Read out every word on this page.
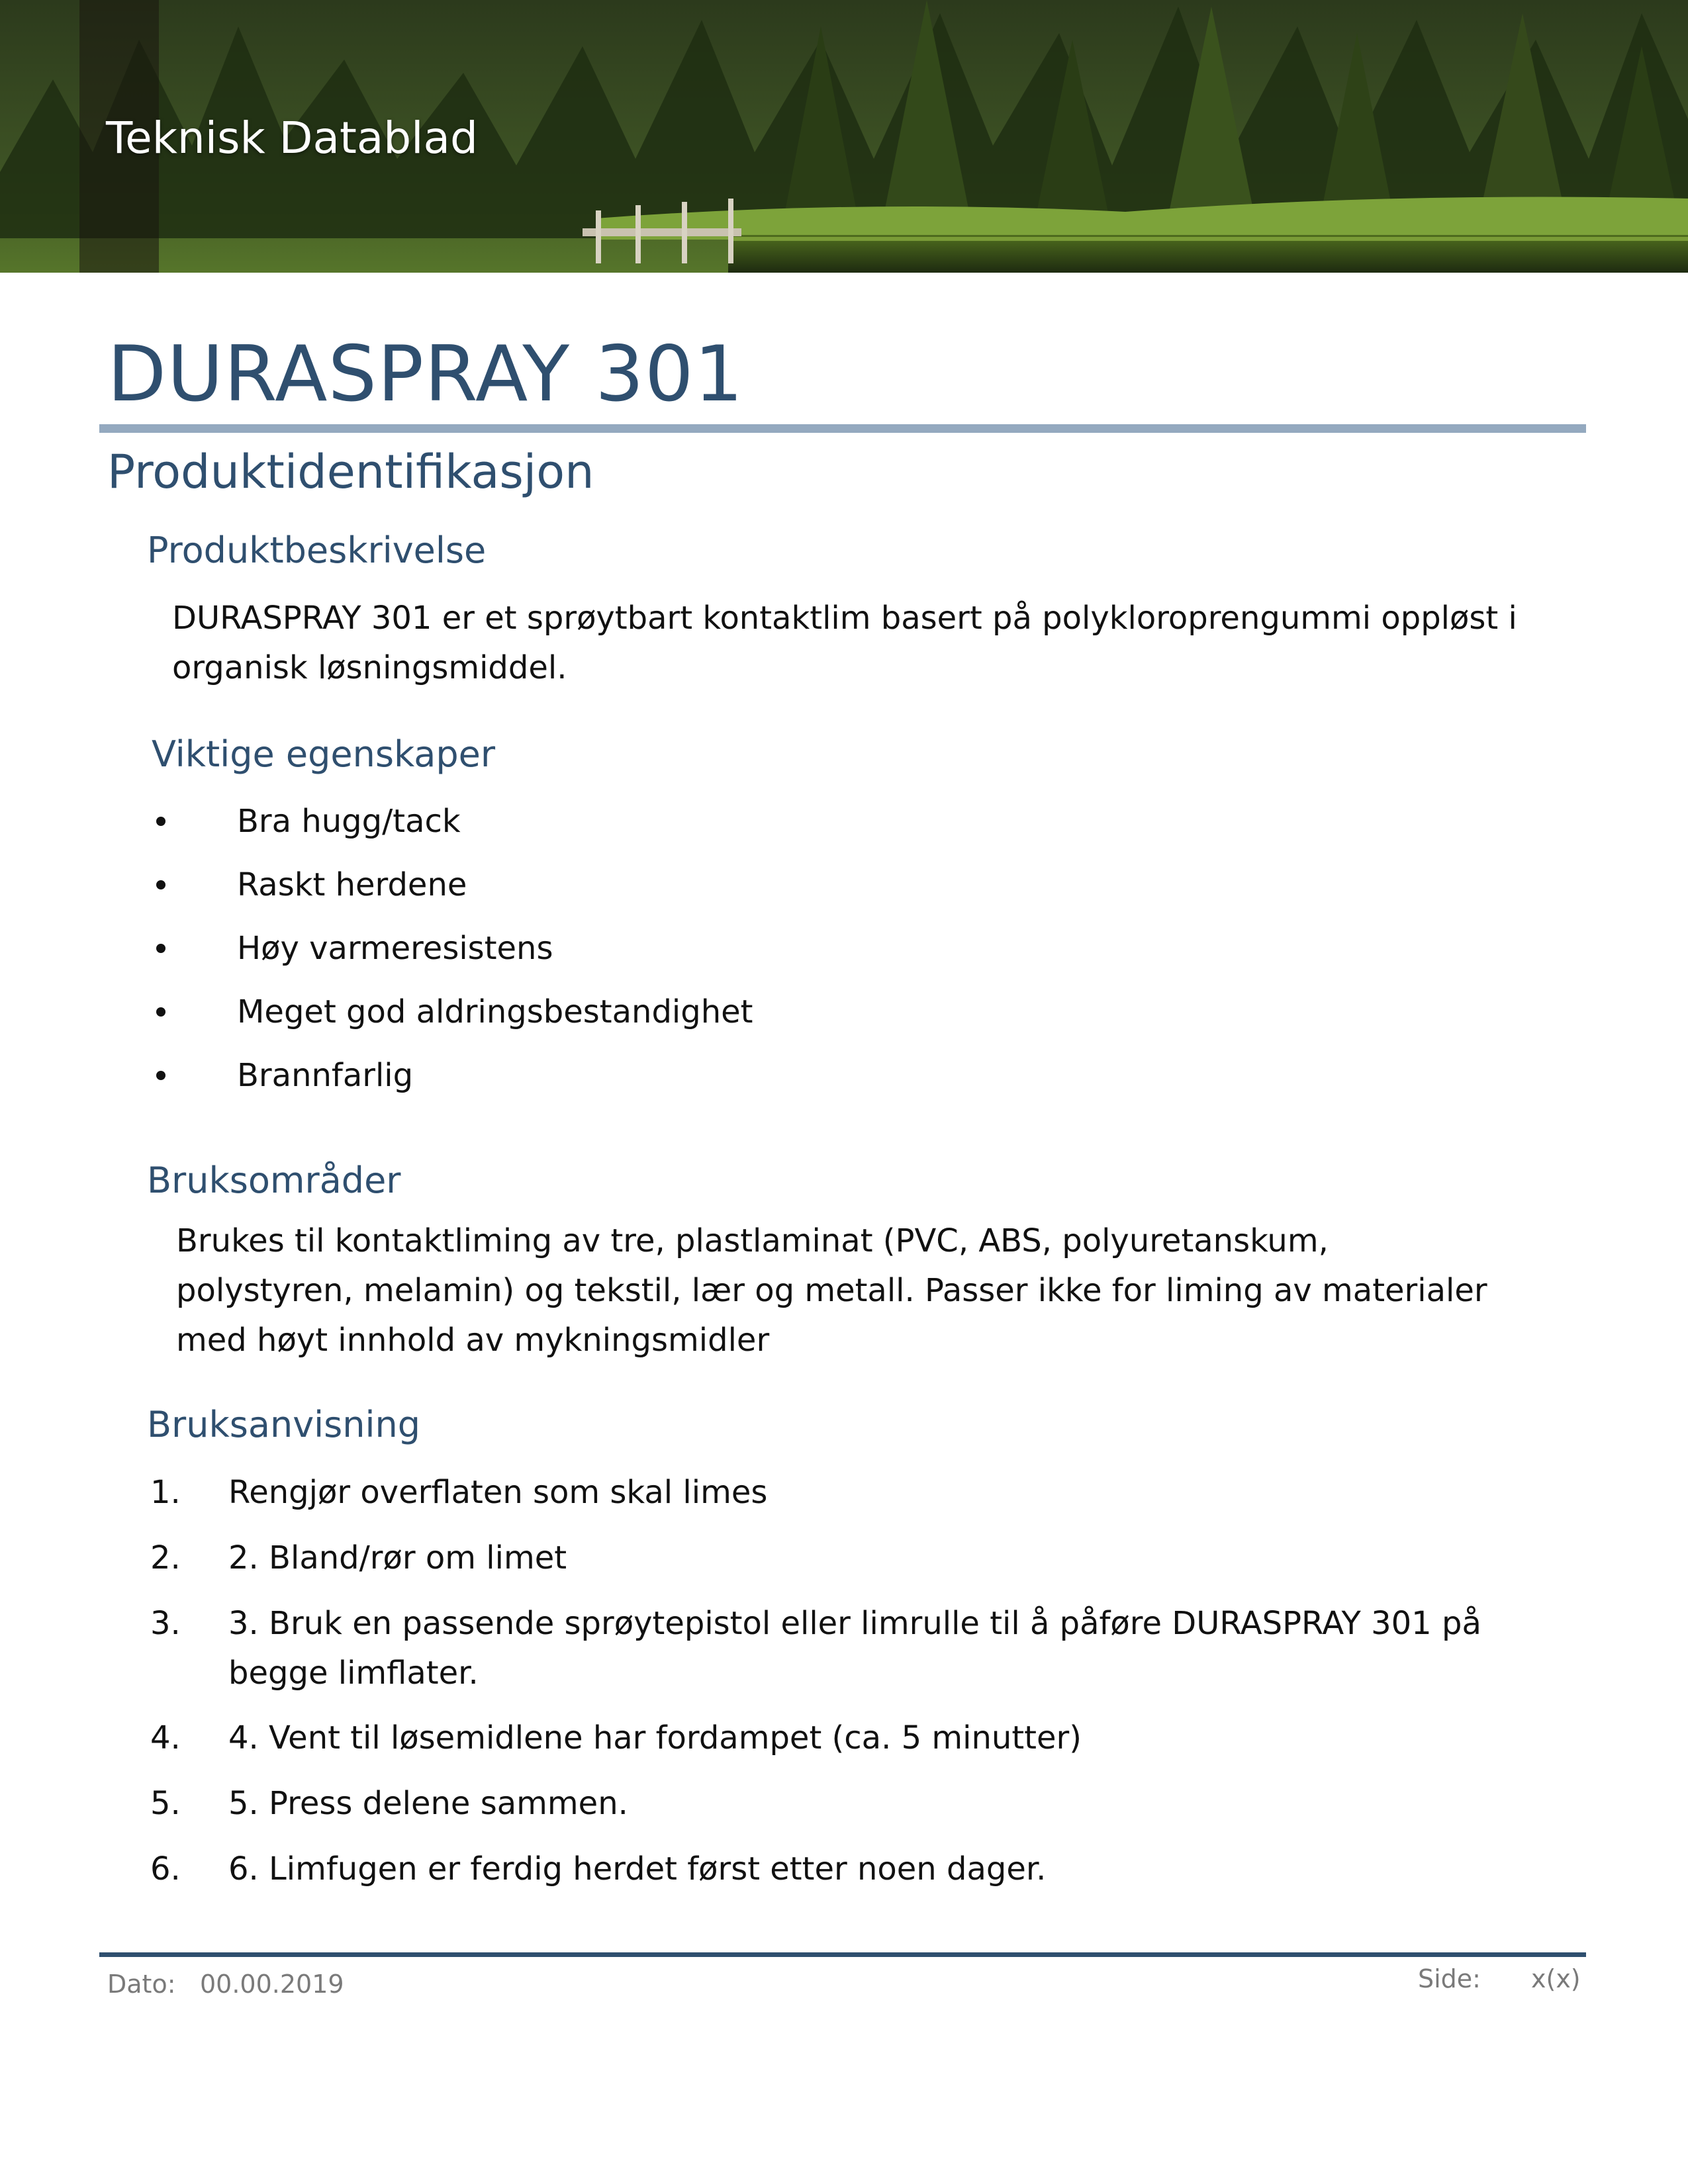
Teknisk Datablad
DURASPRAY 301
Produktidentifikasjon
Produktbeskrivelse
DURASPRAY 301 er et sprøytbart kontaktlim basert på polykloroprengummi oppløst i organisk løsningsmiddel.
Viktige egenskaper
Bra hugg/tack
Raskt herdene
Høy varmeresistens
Meget god aldringsbestandighet
Brannfarlig
Bruksområder
Brukes til kontaktliming av tre, plastlaminat (PVC, ABS, polyuretanskum, polystyren, melamin) og tekstil, lær og metall. Passer ikke for liming av materialer med høyt innhold av mykningsmidler
Bruksanvisning
1. Rengjør overflaten som skal limes
2. 2. Bland/rør om limet
3. 3. Bruk en passende sprøytepistol eller limrulle til å påføre DURASPRAY 301 på begge limflater.
4. 4. Vent til løsemidlene har fordampet (ca. 5 minutter)
5. 5. Press delene sammen.
6. 6. Limfugen er ferdig herdet først etter noen dager.
Dato: 00.00.2019	Side: x(x)
